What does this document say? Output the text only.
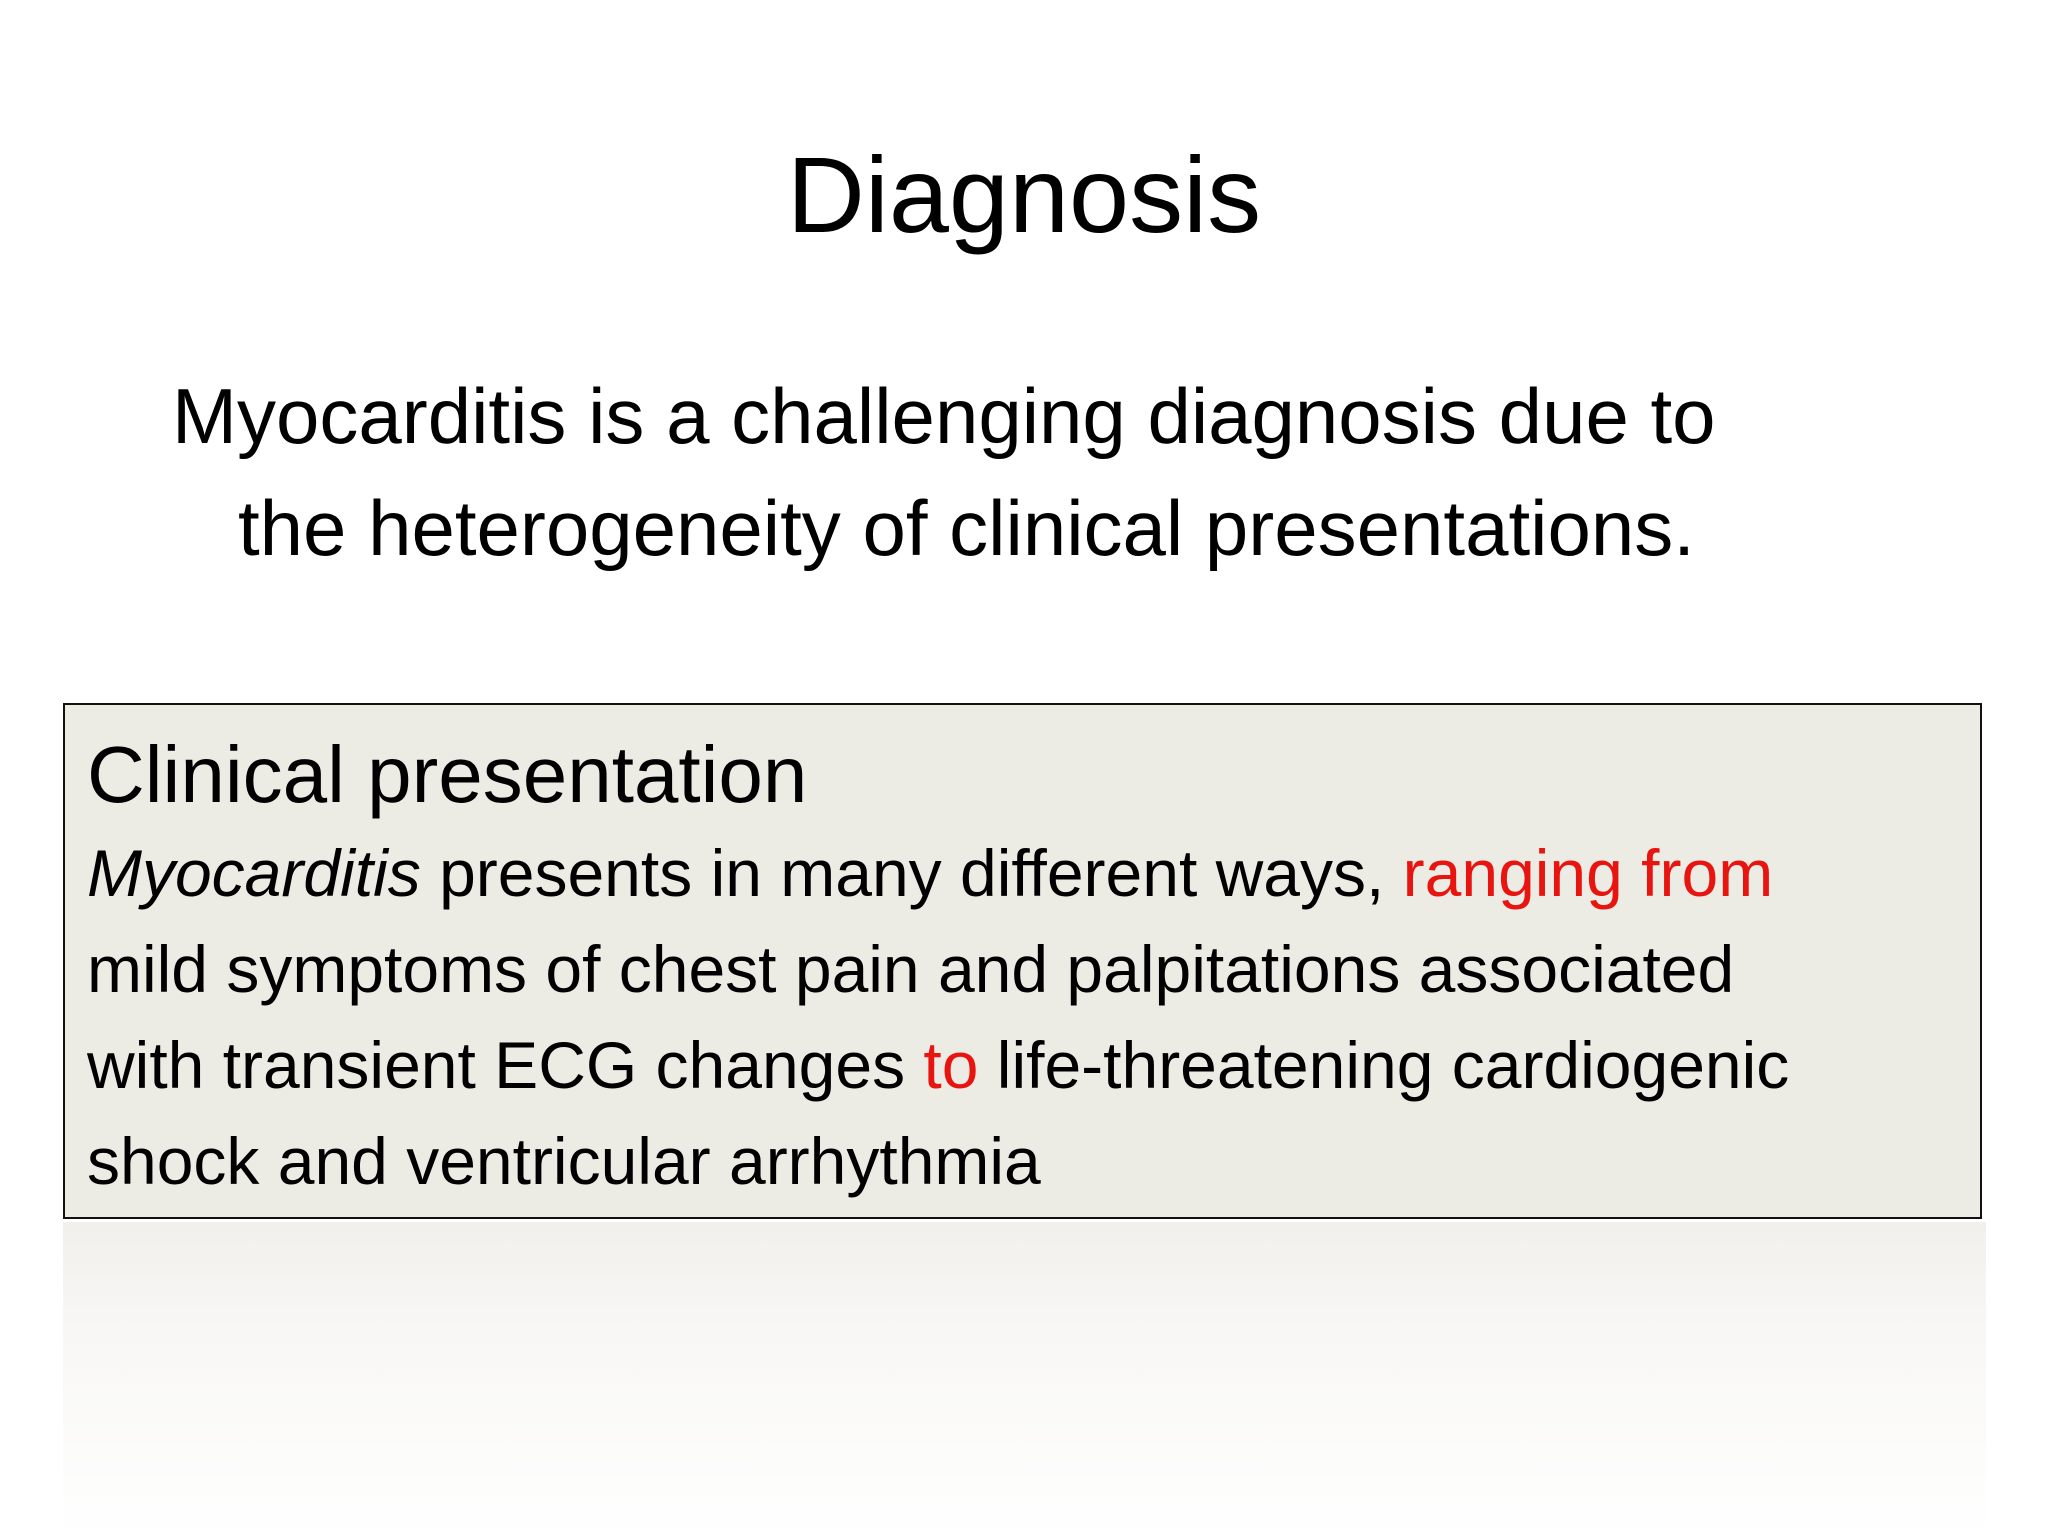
Diagnosis

Myocarditis is a challenging diagnosis due to
the heterogeneity of clinical presentations.

Clinical presentation

Myocarditis presents in many different ways, ranging from
mild symptoms of chest pain and palpitations associated
with transient ECG changes to life-threatening cardiogenic
shock and ventricular arrhythmia
